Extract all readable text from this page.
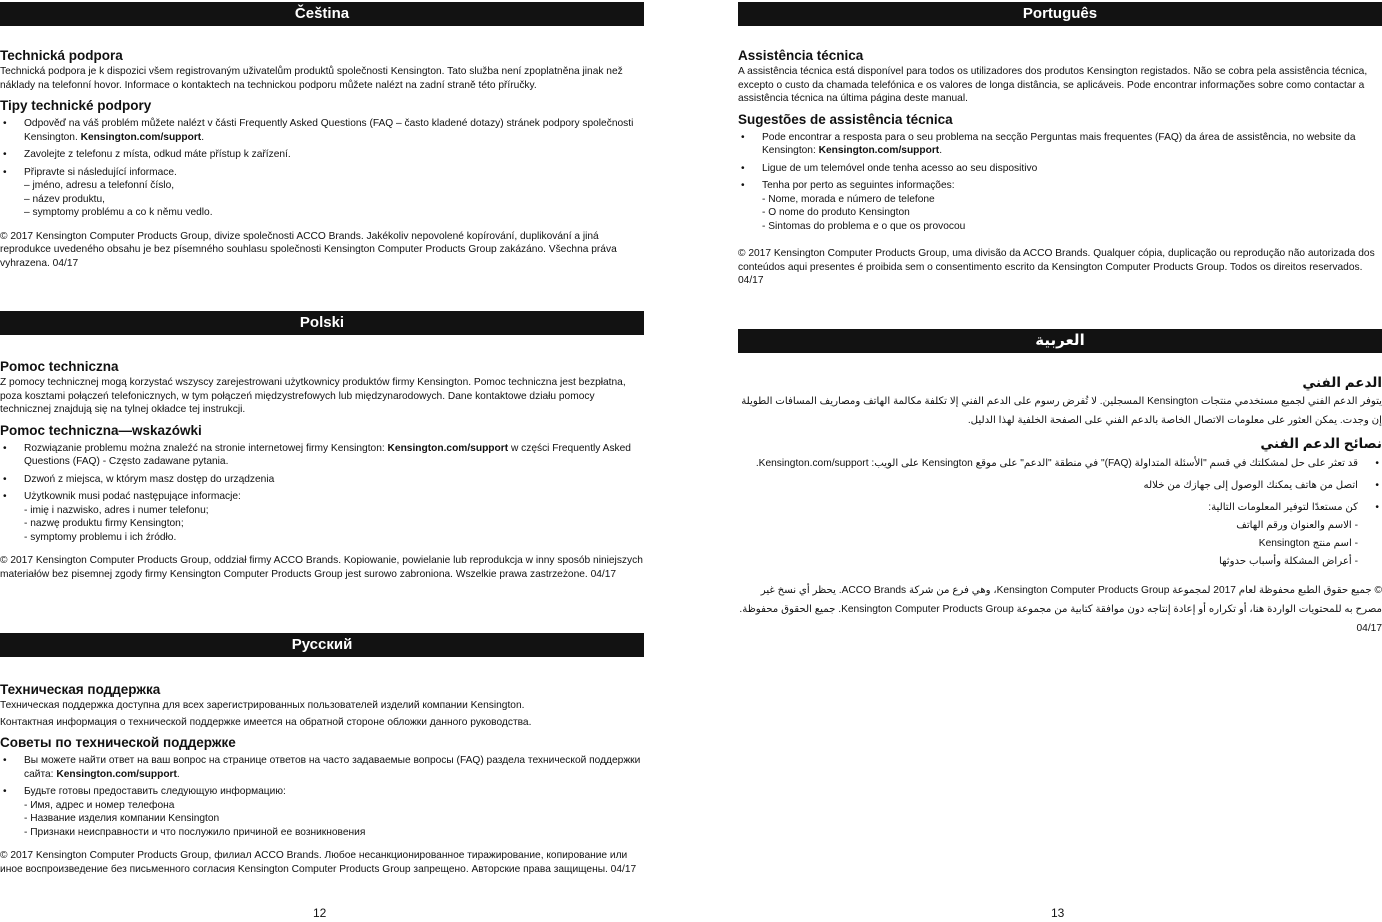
Čeština
Technická podpora

Technická podpora je k dispozici všem registrovaným uživatelům produktů společnosti Kensington. Tato služba není zpoplatněna jinak než náklady na telefonní hovor. Informace o kontaktech na technickou podporu můžete nalézt na zadní straně této příručky.

Tipy technické podpory
• Odpověď na váš problém můžete nalézt v části Frequently Asked Questions (FAQ – často kladené dotazy) stránek podpory společnosti Kensington. Kensington.com/support.
• Zavolejte z telefonu z místa, odkud máte přístup k zařízení.
• Připravte si následující informace.
– jméno, adresu a telefonní číslo,
– název produktu,
– symptomy problému a co k němu vedlo.

© 2017 Kensington Computer Products Group, divize společnosti ACCO Brands. Jakékoliv nepovolené kopírování, duplikování a jiná reprodukce uvedeného obsahu je bez písemného souhlasu společnosti Kensington Computer Products Group zakázáno. Všechna práva vyhrazena. 04/17

Polski
Pomoc techniczna

Z pomocy technicznej mogą korzystać wszyscy zarejestrowani użytkownicy produktów firmy Kensington. Pomoc techniczna jest bezpłatna, poza kosztami połączeń telefonicznych, w tym połączeń międzystrefowych lub międzynarodowych. Dane kontaktowe działu pomocy technicznej znajdują się na tylnej okładce tej instrukcji.

Pomoc techniczna—wskazówki
• Rozwiązanie problemu można znaleźć na stronie internetowej firmy Kensington: Kensington.com/support w części Frequently Asked Questions (FAQ) - Często zadawane pytania.
• Dzwoń z miejsca, w którym masz dostęp do urządzenia
• Użytkownik musi podać następujące informacje:
- imię i nazwisko, adres i numer telefonu;
- nazwę produktu firmy Kensington;
- symptomy problemu i ich źródło.

© 2017 Kensington Computer Products Group, oddział firmy ACCO Brands. Kopiowanie, powielanie lub reprodukcja w inny sposób niniejszych materiałów bez pisemnej zgody firmy Kensington Computer Products Group jest surowo zabroniona. Wszelkie prawa zastrzeżone. 04/17

Русский
Техническая поддержка

Техническая поддержка доступна для всех зарегистрированных пользователей изделий компании Kensington.

Контактная информация о технической поддержке имеется на обратной стороне обложки данного руководства.

Советы по технической поддержке
• Вы можете найти ответ на ваш вопрос на странице ответов на часто задаваемые вопросы (FAQ) раздела технической поддержки сайта: Kensington.com/support.
• Будьте готовы предоставить следующую информацию:
- Имя, адрес и номер телефона
- Название изделия компании Kensington
- Признаки неисправности и что послужило причиной ее возникновения

© 2017 Kensington Computer Products Group, филиал ACCO Brands. Любое несанкционированное тиражирование, копирование или иное воспроизведение без письменного согласия Kensington Computer Products Group запрещено. Авторские права защищены. 04/17

12
Português
Assistência técnica

A assistência técnica está disponível para todos os utilizadores dos produtos Kensington registados. Não se cobra pela assistência técnica, excepto o custo da chamada telefónica e os valores de longa distância, se aplicáveis. Pode encontrar informações sobre como contactar a assistência técnica na última página deste manual.

Sugestões de assistência técnica
• Pode encontrar a resposta para o seu problema na secção Perguntas mais frequentes (FAQ) da área de assistência, no website da Kensington: Kensington.com/support.
• Ligue de um telemóvel onde tenha acesso ao seu dispositivo
• Tenha por perto as seguintes informações:
- Nome, morada e número de telefone
- O nome do produto Kensington
- Sintomas do problema e o que os provocou

© 2017 Kensington Computer Products Group, uma divisão da ACCO Brands. Qualquer cópia, duplicação ou reprodução não autorizada dos conteúdos aqui presentes é proibida sem o consentimento escrito da Kensington Computer Products Group. Todos os direitos reservados. 04/17

العربية
الدعم الفني

يتوفر الدعم الفني لجميع مستخدمي منتجات Kensington المسجلين. لا تُفرض رسوم على الدعم الفني إلا تكلفة مكالمة الهاتف ومصاريف المسافات الطويلة إن وجدت. يمكن العثور على معلومات الاتصال الخاصة بالدعم الفني على الصفحة الخلفية لهذا الدليل.

نصائح الدعم الفني
• قد تعثر على حل لمشكلتك في قسم "الأسئلة المتداولة (FAQ)" في منطقة "الدعم" على موقع Kensington على الويب: Kensington.com/support.
• اتصل من هاتف يمكنك الوصول إلى جهازك من خلاله
• كن مستعدًا لتوفير المعلومات التالية:
- الاسم والعنوان ورقم الهاتف
- اسم منتج Kensington
- أعراض المشكلة وأسباب حدوثها

© جميع حقوق الطبع محفوظة لعام 2017 لمجموعة Kensington Computer Products Group، وهي فرع من شركة ACCO Brands. يحظر أي نسخ غير مصرح به للمحتويات الواردة هنا، أو تكراره أو إعادة إنتاجه دون موافقة كتابية من مجموعة Kensington Computer Products Group. جميع الحقوق محفوظة. 04/17

13
